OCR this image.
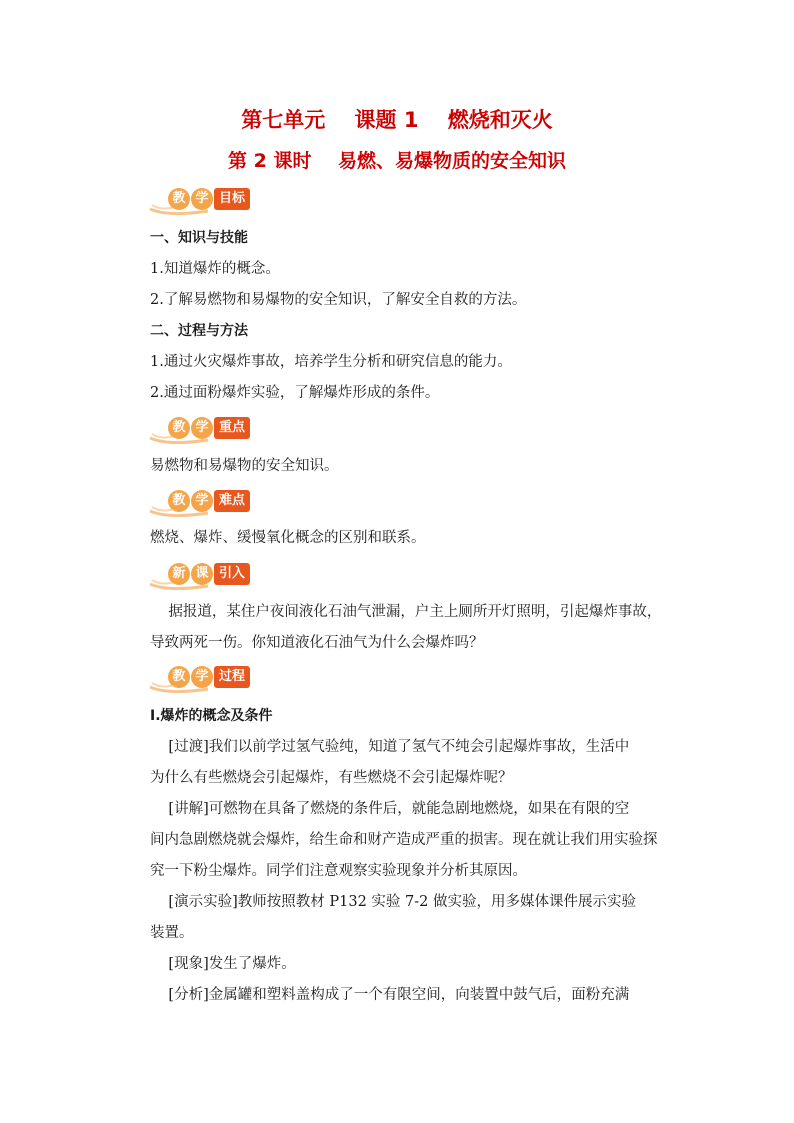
第七单元    课题 1    燃烧和灭火
第 2 课时    易燃、易爆物质的安全知识
教 学 目标
一、知识与技能
1.知道爆炸的概念。
2.了解易燃物和易爆物的安全知识，了解安全自救的方法。
二、过程与方法
1.通过火灾爆炸事故，培养学生分析和研究信息的能力。
2.通过面粉爆炸实验，了解爆炸形成的条件。
教 学 重点
易燃物和易爆物的安全知识。
教 学 难点
燃烧、爆炸、缓慢氧化概念的区别和联系。
新 课 引入
据报道，某住户夜间液化石油气泄漏，户主上厕所开灯照明，引起爆炸事故，
导致两死一伤。你知道液化石油气为什么会爆炸吗？
教 学 过程
Ⅰ.爆炸的概念及条件
[过渡]我们以前学过氢气验纯，知道了氢气不纯会引起爆炸事故，生活中
为什么有些燃烧会引起爆炸，有些燃烧不会引起爆炸呢？
[讲解]可燃物在具备了燃烧的条件后，就能急剧地燃烧，如果在有限的空
间内急剧燃烧就会爆炸，给生命和财产造成严重的损害。现在就让我们用实验探
究一下粉尘爆炸。同学们注意观察实验现象并分析其原因。
[演示实验]教师按照教材 P132 实验 7-2 做实验，用多媒体课件展示实验
装置。
[现象]发生了爆炸。
[分析]金属罐和塑料盖构成了一个有限空间，向装置中鼓气后，面粉充满
